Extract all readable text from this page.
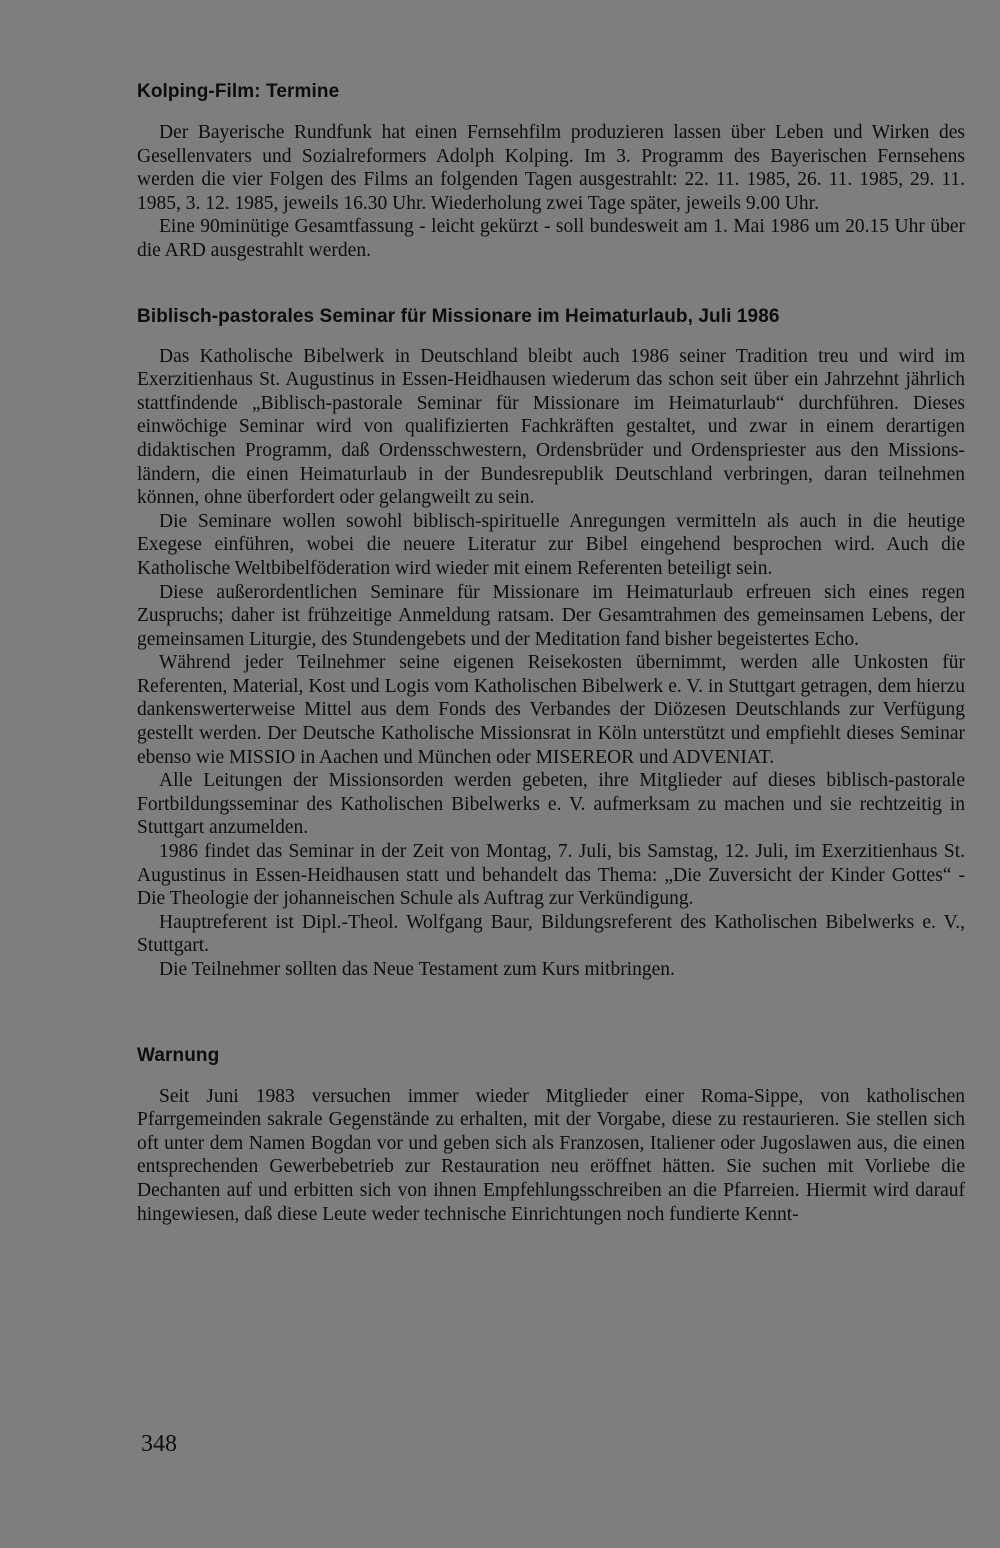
Kolping-Film: Termine

Der Bayerische Rundfunk hat einen Fernsehfilm produzieren lassen über Leben und Wirken des Gesellenvaters und Sozialreformers Adolph Kolping. Im 3. Programm des Bayerischen Fernsehens werden die vier Folgen des Films an folgenden Tagen ausgestrahlt: 22. 11. 1985, 26. 11. 1985, 29. 11. 1985, 3. 12. 1985, jeweils 16.30 Uhr. Wiederholung zwei Tage später, jeweils 9.00 Uhr.

Eine 90minütige Gesamtfassung - leicht gekürzt - soll bundesweit am 1. Mai 1986 um 20.15 Uhr über die ARD ausgestrahlt werden.

Biblisch-pastorales Seminar für Missionare im Heimaturlaub, Juli 1986

Das Katholische Bibelwerk in Deutschland bleibt auch 1986 seiner Tradition treu und wird im Exerzitienhaus St. Augustinus in Essen-Heidhausen wiederum das schon seit über ein Jahrzehnt jährlich stattfindende „Biblisch-pastorale Seminar für Missionare im Heimaturlaub“ durchführen. Dieses einwöchige Seminar wird von qualifizierten Fachkräften gestaltet, und zwar in einem derartigen didaktischen Programm, daß Ordensschwestern, Ordensbrüder und Ordenspriester aus den Missionsländern, die einen Heimaturlaub in der Bundesrepublik Deutschland verbringen, daran teilnehmen können, ohne überfordert oder gelangweilt zu sein.

Die Seminare wollen sowohl biblisch-spirituelle Anregungen vermitteln als auch in die heutige Exegese einführen, wobei die neuere Literatur zur Bibel eingehend besprochen wird. Auch die Katholische Weltbibelföderation wird wieder mit einem Referenten beteiligt sein.

Diese außerordentlichen Seminare für Missionare im Heimaturlaub erfreuen sich eines regen Zuspruchs; daher ist frühzeitige Anmeldung ratsam. Der Gesamtrahmen des gemeinsamen Lebens, der gemeinsamen Liturgie, des Stundengebets und der Meditation fand bisher begeistertes Echo.

Während jeder Teilnehmer seine eigenen Reisekosten übernimmt, werden alle Unkosten für Referenten, Material, Kost und Logis vom Katholischen Bibelwerk e. V. in Stuttgart getragen, dem hierzu dankenswerterweise Mittel aus dem Fonds des Verbandes der Diözesen Deutschlands zur Verfügung gestellt werden. Der Deutsche Katholische Missionsrat in Köln unterstützt und empfiehlt dieses Seminar ebenso wie MISSIO in Aachen und München oder MISEREOR und ADVENIAT.

Alle Leitungen der Missionsorden werden gebeten, ihre Mitglieder auf dieses biblisch-pastorale Fortbildungsseminar des Katholischen Bibelwerks e. V. aufmerksam zu machen und sie rechtzeitig in Stuttgart anzumelden.

1986 findet das Seminar in der Zeit von Montag, 7. Juli, bis Samstag, 12. Juli, im Exerzitienhaus St. Augustinus in Essen-Heidhausen statt und behandelt das Thema: „Die Zuversicht der Kinder Gottes“ - Die Theologie der johanneischen Schule als Auftrag zur Verkündigung.

Hauptreferent ist Dipl.-Theol. Wolfgang Baur, Bildungsreferent des Katholischen Bibelwerks e. V., Stuttgart.

Die Teilnehmer sollten das Neue Testament zum Kurs mitbringen.

Warnung

Seit Juni 1983 versuchen immer wieder Mitglieder einer Roma-Sippe, von katholischen Pfarrgemeinden sakrale Gegenstände zu erhalten, mit der Vorgabe, diese zu restaurieren. Sie stellen sich oft unter dem Namen Bogdan vor und geben sich als Franzosen, Italiener oder Jugoslawen aus, die einen entsprechenden Gewerbebetrieb zur Restauration neu eröffnet hätten. Sie suchen mit Vorliebe die Dechanten auf und erbitten sich von ihnen Empfehlungsschreiben an die Pfarreien. Hiermit wird darauf hingewiesen, daß diese Leute weder technische Einrichtungen noch fundierte Kennt-

348
